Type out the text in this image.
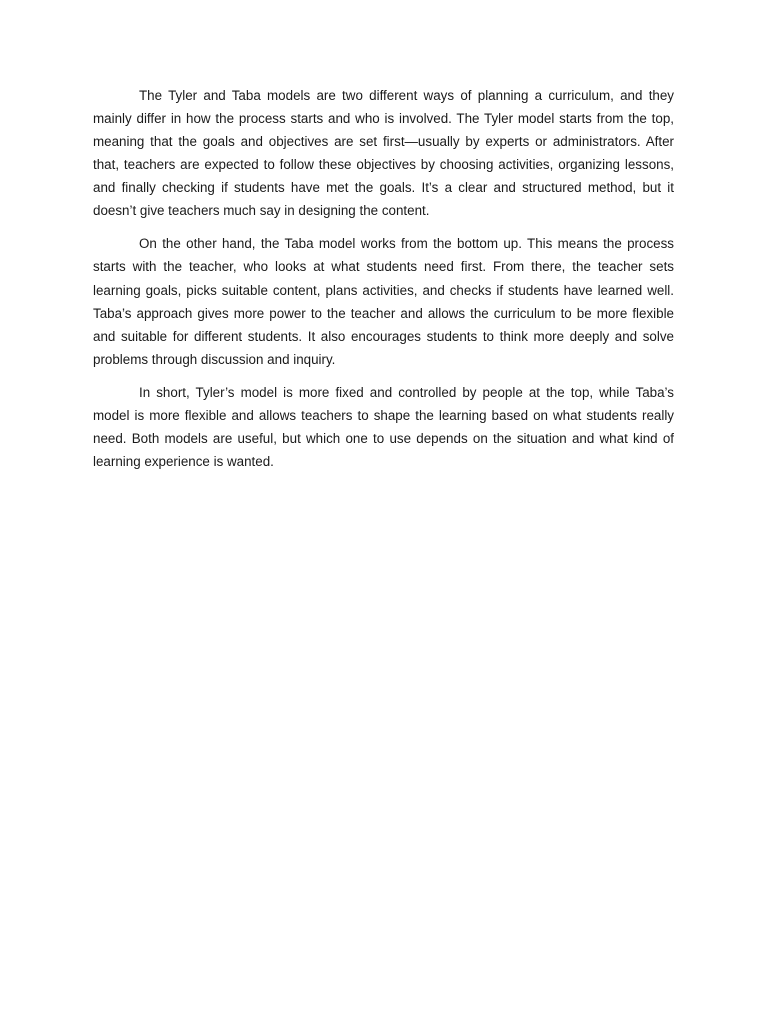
The Tyler and Taba models are two different ways of planning a curriculum, and they mainly differ in how the process starts and who is involved. The Tyler model starts from the top, meaning that the goals and objectives are set first—usually by experts or administrators. After that, teachers are expected to follow these objectives by choosing activities, organizing lessons, and finally checking if students have met the goals. It’s a clear and structured method, but it doesn’t give teachers much say in designing the content.

On the other hand, the Taba model works from the bottom up. This means the process starts with the teacher, who looks at what students need first. From there, the teacher sets learning goals, picks suitable content, plans activities, and checks if students have learned well. Taba’s approach gives more power to the teacher and allows the curriculum to be more flexible and suitable for different students. It also encourages students to think more deeply and solve problems through discussion and inquiry.

In short, Tyler’s model is more fixed and controlled by people at the top, while Taba’s model is more flexible and allows teachers to shape the learning based on what students really need. Both models are useful, but which one to use depends on the situation and what kind of learning experience is wanted.
